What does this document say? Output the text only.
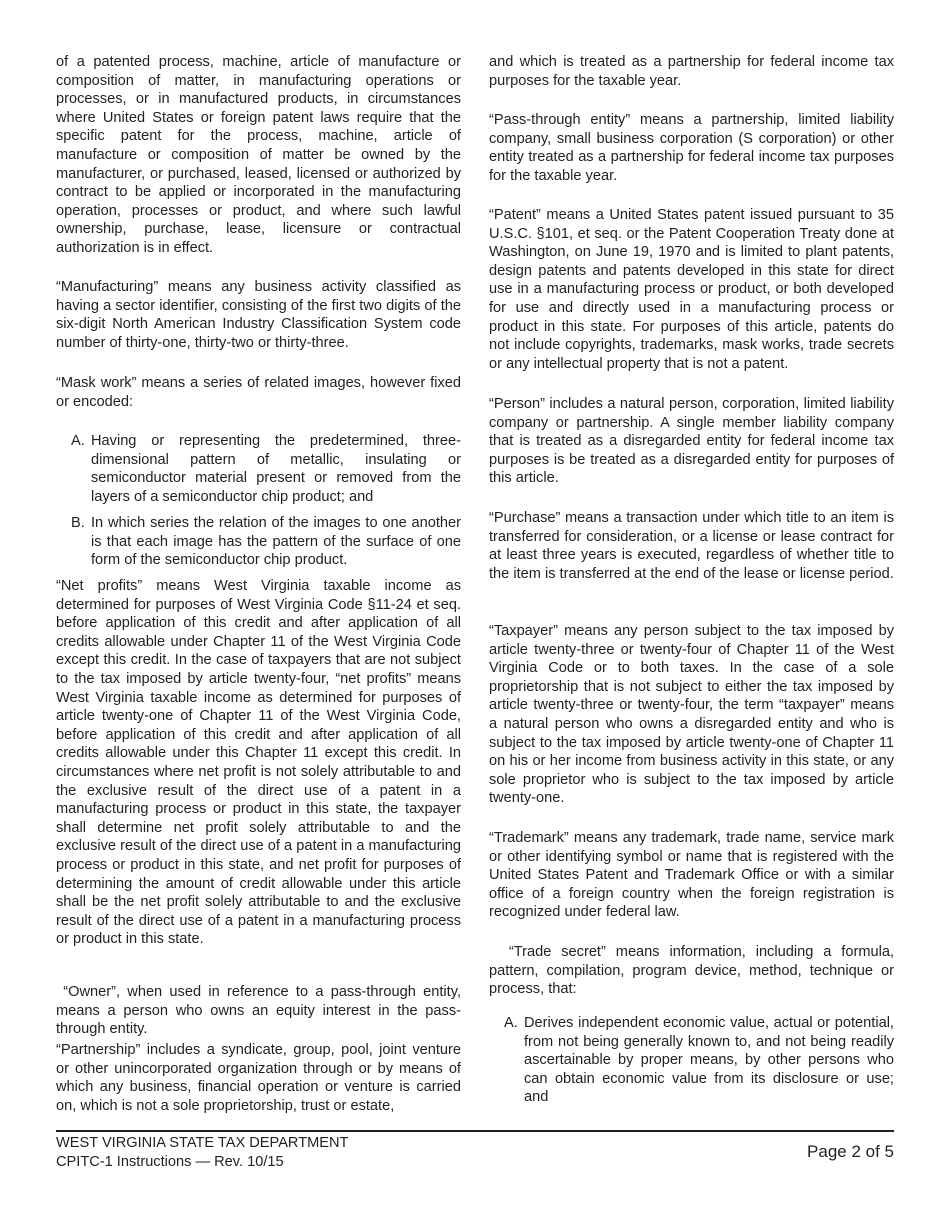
of a patented process, machine, article of manufacture or composition of matter, in manufacturing operations or processes, or in manufactured products, in circumstances where United States or foreign patent laws require that the specific patent for the process, machine, article of manufacture or composition of matter be owned by the manufacturer, or purchased, leased, licensed or authorized by contract to be applied or incorporated in the manufacturing operation, processes or product, and where such lawful ownership, purchase, lease, licensure or contractual authorization is in effect.

“Manufacturing” means any business activity classified as having a sector identifier, consisting of the first two digits of the six-digit North American Industry Classification System code number of thirty-one, thirty-two or thirty-three.

“Mask work” means a series of related images, however fixed or encoded:

A. Having or representing the predetermined, three-dimensional pattern of metallic, insulating or semiconductor material present or removed from the layers of a semiconductor chip product; and
B. In which series the relation of the images to one another is that each image has the pattern of the surface of one form of the semiconductor chip product.

“Net profits” means West Virginia taxable income as determined for purposes of West Virginia Code §11-24 et seq. before application of this credit and after application of all credits allowable under Chapter 11 of the West Virginia Code except this credit. In the case of taxpayers that are not subject to the tax imposed by article twenty-four, “net profits” means West Virginia taxable income as determined for purposes of article twenty-one of Chapter 11 of the West Virginia Code, before application of this credit and after application of all credits allowable under this Chapter 11 except this credit. In circumstances where net profit is not solely attributable to and the exclusive result of the direct use of a patent in a manufacturing process or product in this state, the taxpayer shall determine net profit solely attributable to and the exclusive result of the direct use of a patent in a manufacturing process or product in this state, and net profit for purposes of determining the amount of credit allowable under this article shall be the net profit solely attributable to and the exclusive result of the direct use of a patent in a manufacturing process or product in this state.

“Owner”, when used in reference to a pass-through entity, means a person who owns an equity interest in the pass-through entity.

“Partnership” includes a syndicate, group, pool, joint venture or other unincorporated organization through or by means of which any business, financial operation or venture is carried on, which is not a sole proprietorship, trust or estate,

and which is treated as a partnership for federal income tax purposes for the taxable year.

“Pass-through entity” means a partnership, limited liability company, small business corporation (S corporation) or other entity treated as a partnership for federal income tax purposes for the taxable year.

“Patent” means a United States patent issued pursuant to 35 U.S.C. §101, et seq. or the Patent Cooperation Treaty done at Washington, on June 19, 1970 and is limited to plant patents, design patents and patents developed in this state for direct use in a manufacturing process or product, or both developed for use and directly used in a manufacturing process or product in this state. For purposes of this article, patents do not include copyrights, trademarks, mask works, trade secrets or any intellectual property that is not a patent.

“Person” includes a natural person, corporation, limited liability company or partnership. A single member liability company that is treated as a disregarded entity for federal income tax purposes is be treated as a disregarded entity for purposes of this article.

“Purchase” means a transaction under which title to an item is transferred for consideration, or a license or lease contract for at least three years is executed, regardless of whether title to the item is transferred at the end of the lease or license period.

“Taxpayer” means any person subject to the tax imposed by article twenty-three or twenty-four of Chapter 11 of the West Virginia Code or to both taxes. In the case of a sole proprietorship that is not subject to either the tax imposed by article twenty-three or twenty-four, the term “taxpayer” means a natural person who owns a disregarded entity and who is subject to the tax imposed by article twenty-one of Chapter 11 on his or her income from business activity in this state, or any sole proprietor who is subject to the tax imposed by article twenty-one.

“Trademark” means any trademark, trade name, service mark or other identifying symbol or name that is registered with the United States Patent and Trademark Office or with a similar office of a foreign country when the foreign registration is recognized under federal law.

“Trade secret” means information, including a formula, pattern, compilation, program device, method, technique or process, that:

A. Derives independent economic value, actual or potential, from not being generally known to, and not being readily ascertainable by proper means, by other persons who can obtain economic value from its disclosure or use; and
WEST VIRGINIA STATE TAX DEPARTMENT
CPITC-1 Instructions — Rev. 10/15
Page 2 of 5
